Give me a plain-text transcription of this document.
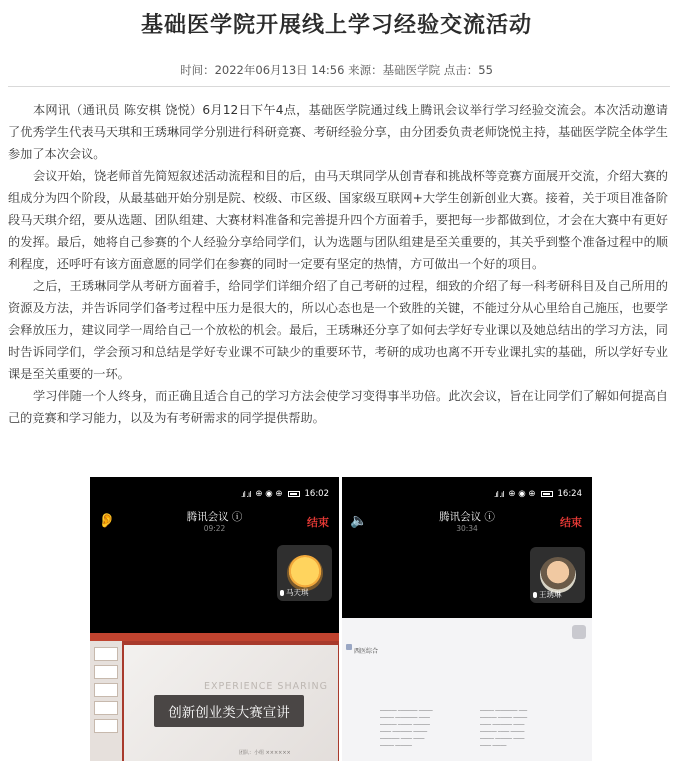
基础医学院开展线上学习经验交流活动
时间：2022年06月13日 14:56 来源：基础医学院 点击：55

本网讯（通讯员 陈安棋 饶悦）6月12日下午4点，基础医学院通过线上腾讯会议举行学习经验交流会。本次活动邀请了优秀学生代表马天琪和王琇琳同学分别进行科研竞赛、考研经验分享，由分团委负责老师饶悦主持，基础医学院全体学生参加了本次会议。

会议开始，饶老师首先简短叙述活动流程和目的后，由马天琪同学从创青春和挑战杯等竞赛方面展开交流，介绍大赛的组成分为四个阶段，从最基础开始分别是院、校级、市区级、国家级互联网+大学生创新创业大赛。接着，关于项目准备阶段马天琪介绍，要从选题、团队组建、大赛材料准备和完善提升四个方面着手，要把每一步都做到位，才会在大赛中有更好的发挥。最后，她将自己参赛的个人经验分享给同学们，认为选题与团队组建是至关重要的，其关乎到整个准备过程中的顺利程度，还呼吁有该方面意愿的同学们在参赛的同时一定要有坚定的热情，方可做出一个好的项目。

之后，王琇琳同学从考研方面着手，给同学们详细介绍了自己考研的过程，细致的介绍了每一科考研科目及自己所用的资源及方法，并告诉同学们备考过程中压力是很大的，所以心态也是一个致胜的关键，不能过分从心里给自己施压，也要学会释放压力，建议同学一周给自己一个放松的机会。最后，王琇琳还分享了如何去学好专业课以及她总结出的学习方法，同时告诉同学们，学会预习和总结是学好专业课不可缺少的重要环节，考研的成功也离不开专业课扎实的基础，所以学好专业课是至关重要的一环。

学习伴随一个人终身，而正确且适合自己的学习方法会使学习变得事半功倍。此次会议，旨在让同学们了解如何提高自己的竞赛和学习能力，以及为有考研需求的同学提供帮助。

.ıl .ıl ⊕ ◉ ⊕	16:02
👂	腾讯会议 ⓘ
09:22	结束
马天琪
EXPERIENCE SHARING
创新创业类大赛宣讲
团队：小组 ××××××
.ıl .ıl ⊕ ◉ ⊕	16:24
🔈	腾讯会议 ⓘ
30:34	结束
王琇琳
西医综合
────── ─────── ─────
───── ──────── ────
────── ───── ──────
──── ─────── ─────
─────── ──── ────
───── ──────
───── ──────── ───
────── ───── ─────
──── ─────── ────
────── ──── ─────
───── ────── ────
──── ─────
